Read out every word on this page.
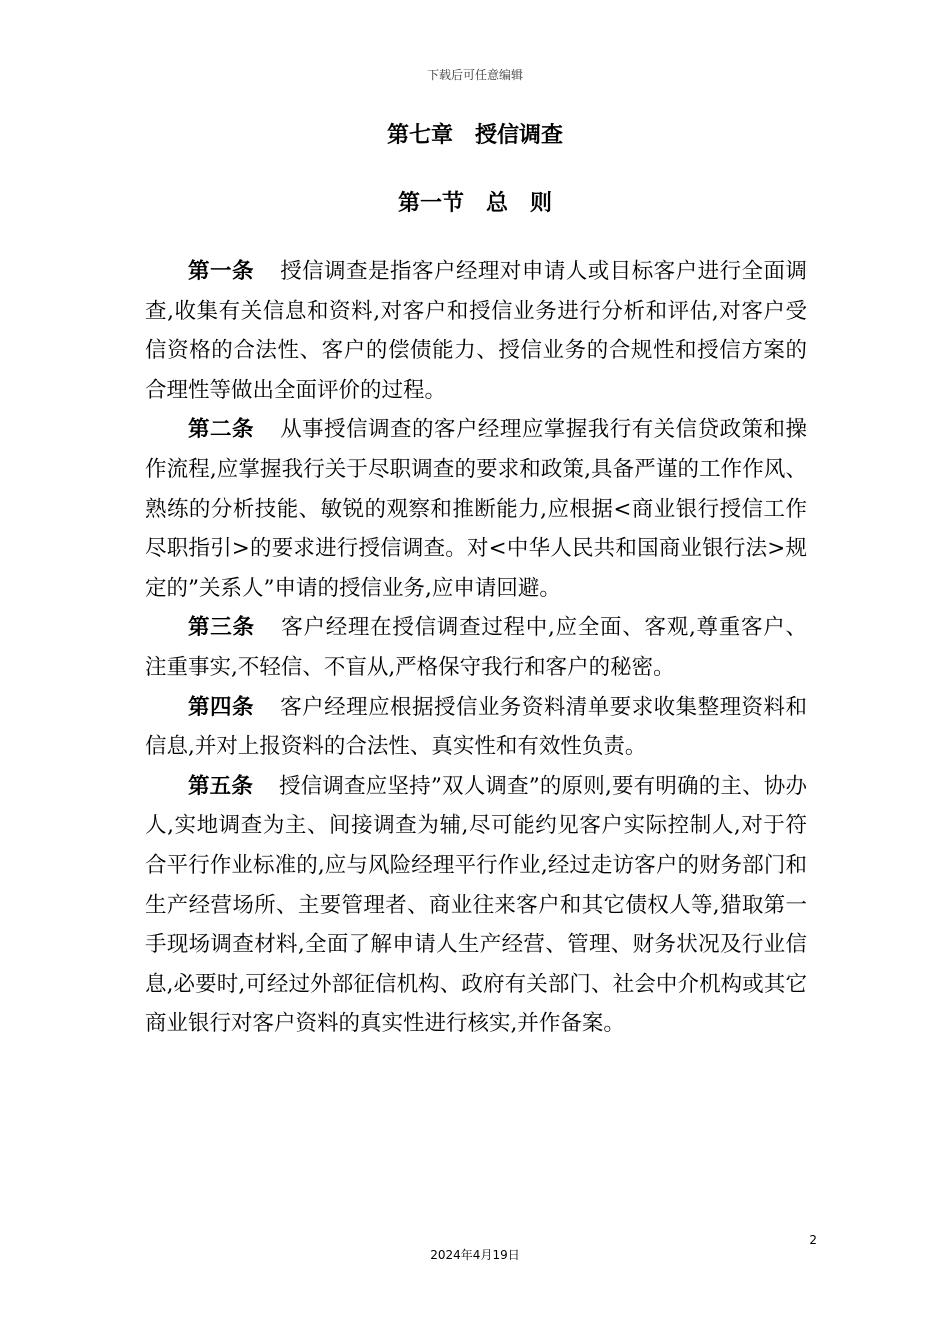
下载后可任意编辑
第七章　授信调查
第一节　总　则

第一条 授信调查是指客户经理对申请人或目标客户进行全面调查,收集有关信息和资料,对客户和授信业务进行分析和评估,对客户受信资格的合法性、客户的偿债能力、授信业务的合规性和授信方案的合理性等做出全面评价的过程。

第二条 从事授信调查的客户经理应掌握我行有关信贷政策和操作流程,应掌握我行关于尽职调查的要求和政策,具备严谨的工作作风、熟练的分析技能、敏锐的观察和推断能力,应根据<商业银行授信工作尽职指引>的要求进行授信调查。对<中华人民共和国商业银行法>规定的”关系人”申请的授信业务,应申请回避。

第三条 客户经理在授信调查过程中,应全面、客观,尊重客户、注重事实,不轻信、不盲从,严格保守我行和客户的秘密。

第四条 客户经理应根据授信业务资料清单要求收集整理资料和信息,并对上报资料的合法性、真实性和有效性负责。

第五条 授信调查应坚持”双人调查”的原则,要有明确的主、协办人,实地调查为主、间接调查为辅,尽可能约见客户实际控制人,对于符合平行作业标准的,应与风险经理平行作业,经过走访客户的财务部门和生产经营场所、主要管理者、商业往来客户和其它债权人等,猎取第一手现场调查材料,全面了解申请人生产经营、管理、财务状况及行业信息,必要时,可经过外部征信机构、政府有关部门、社会中介机构或其它商业银行对客户资料的真实性进行核实,并作备案。

2
2024年4月19日
